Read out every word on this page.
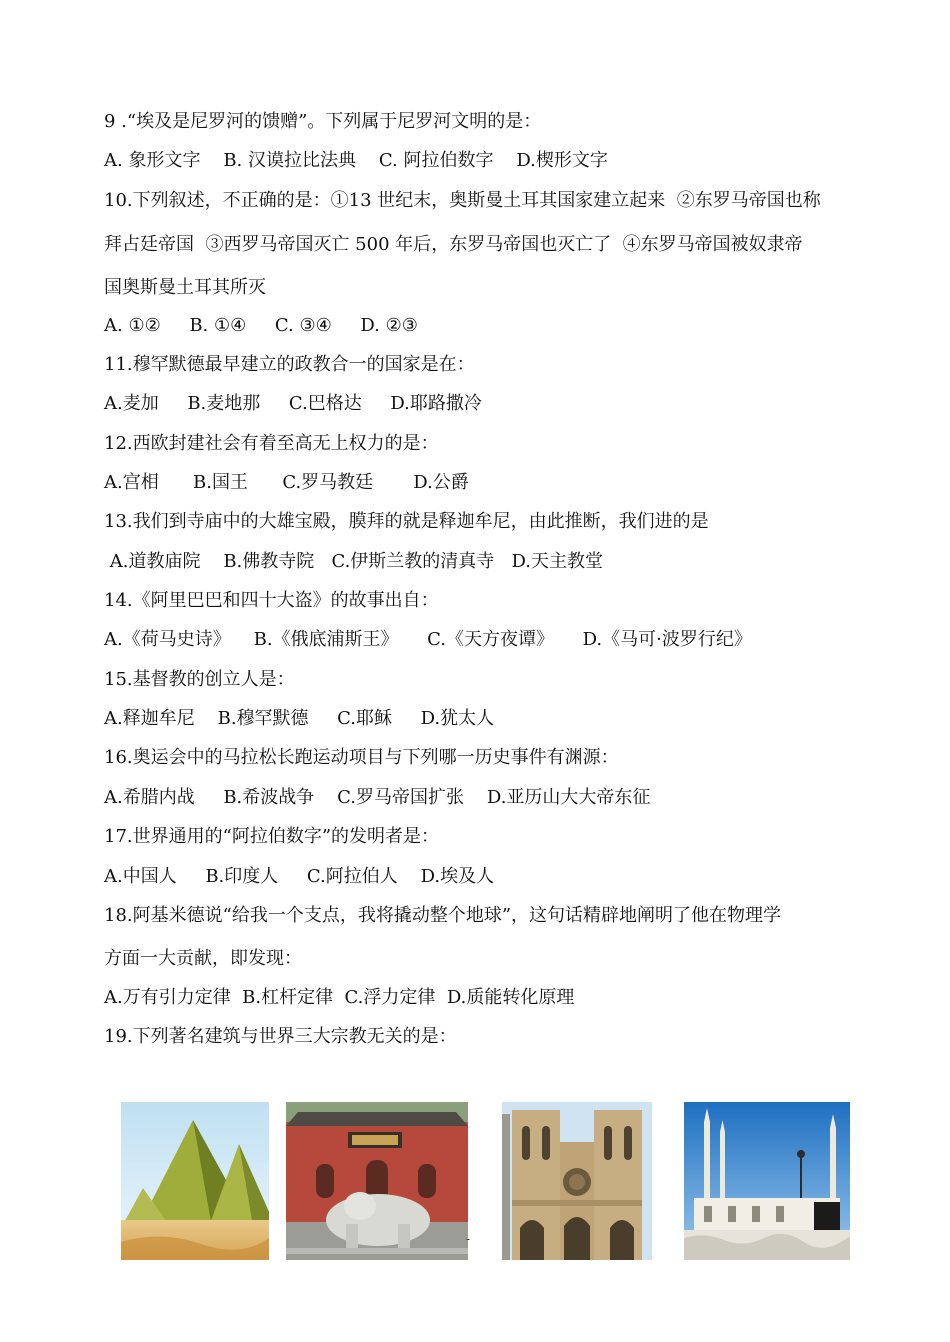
9 .“埃及是尼罗河的馈赠”。下列属于尼罗河文明的是：
A. 象形文字    B. 汉谟拉比法典    C. 阿拉伯数字    D.楔形文字
10.下列叙述，不正确的是：①13 世纪末，奥斯曼土耳其国家建立起来  ②东罗马帝国也称
拜占廷帝国  ③西罗马帝国灭亡 500 年后，东罗马帝国也灭亡了  ④东罗马帝国被奴隶帝
国奥斯曼土耳其所灭
A. ①②     B. ①④     C. ③④     D. ②③
11.穆罕默德最早建立的政教合一的国家是在：
A.麦加     B.麦地那     C.巴格达     D.耶路撒冷
12.西欧封建社会有着至高无上权力的是：
A.宫相      B.国王      C.罗马教廷       D.公爵
13.我们到寺庙中的大雄宝殿，膜拜的就是释迦牟尼，由此推断，我们进的是
A.道教庙院    B.佛教寺院   C.伊斯兰教的清真寺   D.天主教堂
14.《阿里巴巴和四十大盗》的故事出自：
A.《荷马史诗》    B.《俄底浦斯王》     C.《天方夜谭》     D.《马可·波罗行纪》
15.基督教的创立人是：
A.释迦牟尼    B.穆罕默德     C.耶稣     D.犹太人
16.奥运会中的马拉松长跑运动项目与下列哪一历史事件有渊源：
A.希腊内战     B.希波战争    C.罗马帝国扩张    D.亚历山大大帝东征
17.世界通用的“阿拉伯数字”的发明者是：
A.中国人     B.印度人     C.阿拉伯人    D.埃及人
18.阿基米德说“给我一个支点，我将撬动整个地球”，这句话精辟地阐明了他在物理学
方面一大贡献，即发现：
A.万有引力定律  B.杠杆定律  C.浮力定律  D.质能转化原理
19.下列著名建筑与世界三大宗教无关的是：
-
